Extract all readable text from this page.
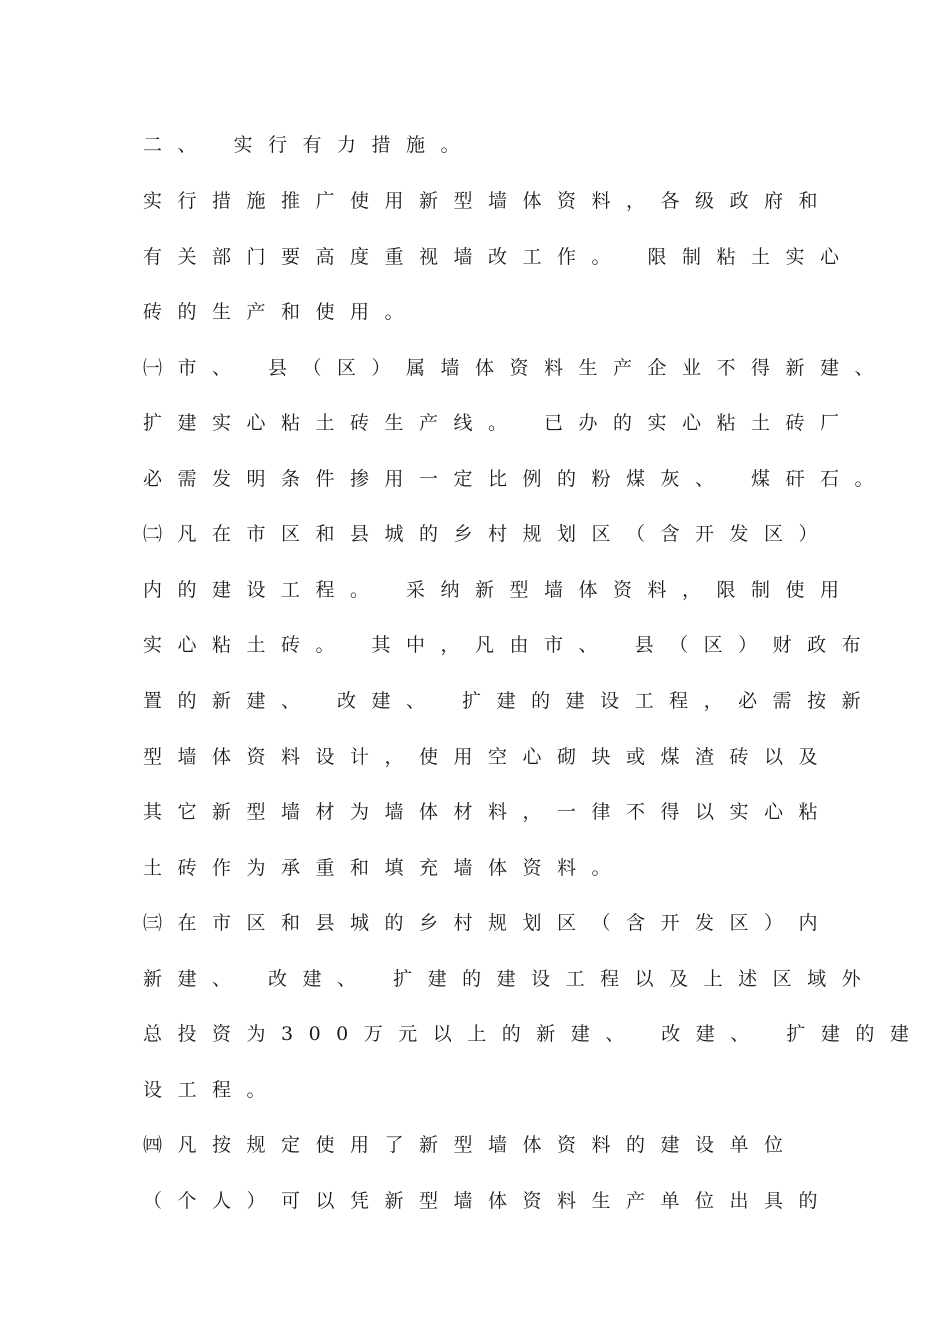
二、 实行有力措施。
实行措施推广使用新型墙体资料，各级政府和
有关部门要高度重视墙改工作。 限制粘土实心
砖的生产和使用。
㈠市、 县（区）属墙体资料生产企业不得新建、
扩建实心粘土砖生产线。 已办的实心粘土砖厂
必需发明条件掺用一定比例的粉煤灰、 煤矸石。
㈡凡在市区和县城的乡村规划区（含开发区）
内的建设工程。 采纳新型墙体资料，限制使用
实心粘土砖。 其中，凡由市、 县（区）财政布
置的新建、 改建、 扩建的建设工程，必需按新
型墙体资料设计，使用空心砌块或煤渣砖以及
其它新型墙材为墙体材料，一律不得以实心粘
土砖作为承重和填充墙体资料。
㈢在市区和县城的乡村规划区（含开发区）内
新建、 改建、 扩建的建设工程以及上述区域外
总投资为300万元以上的新建、 改建、 扩建的建
设工程。
㈣凡按规定使用了新型墙体资料的建设单位
（个人）可以凭新型墙体资料生产单位出具的
